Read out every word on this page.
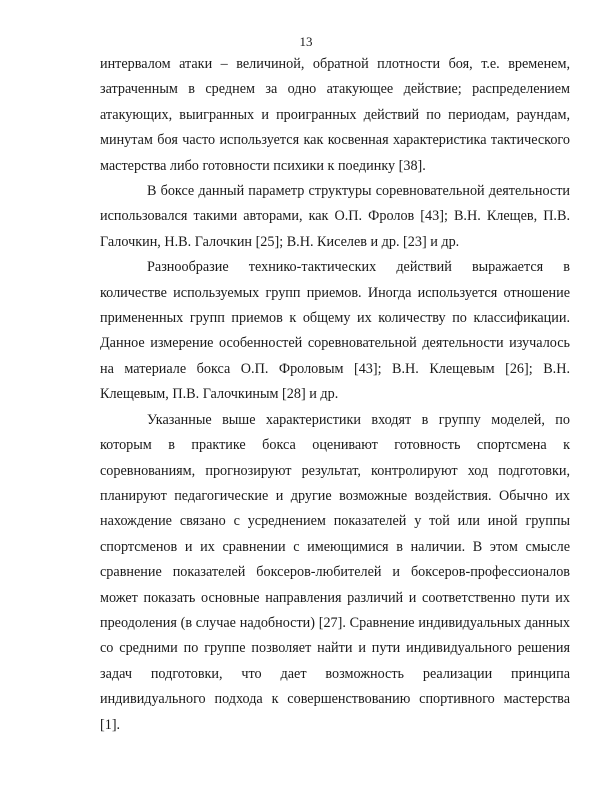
13

интервалом атаки – величиной, обратной плотности боя, т.е. временем, затраченным в среднем за одно атакующее действие; распределением атакующих, выигранных и проигранных действий по периодам, раундам, минутам боя часто используется как косвенная характеристика тактического мастерства либо готовности психики к поединку [38].

В боксе данный параметр структуры соревновательной деятельности использовался такими авторами, как О.П. Фролов [43]; В.Н. Клещев, П.В. Галочкин, Н.В. Галочкин [25]; В.Н. Киселев и др. [23] и др.

Разнообразие технико-тактических действий выражается в количестве используемых групп приемов. Иногда используется отношение примененных групп приемов к общему их количеству по классификации. Данное измерение особенностей соревновательной деятельности изучалось на материале бокса О.П. Фроловым [43]; В.Н. Клещевым [26]; В.Н. Клещевым, П.В. Галочкиным [28] и др.

Указанные выше характеристики входят в группу моделей, по которым в практике бокса оценивают готовность спортсмена к соревнованиям, прогнозируют результат, контролируют ход подготовки, планируют педагогические и другие возможные воздействия. Обычно их нахождение связано с усреднением показателей у той или иной группы спортсменов и их сравнении с имеющимися в наличии. В этом смысле сравнение показателей боксеров-любителей и боксеров-профессионалов может показать основные направления различий и соответственно пути их преодоления (в случае надобности) [27]. Сравнение индивидуальных данных со средними по группе позволяет найти и пути индивидуального решения задач подготовки, что дает возможность реализации принципа индивидуального подхода к совершенствованию спортивного мастерства

[1].
